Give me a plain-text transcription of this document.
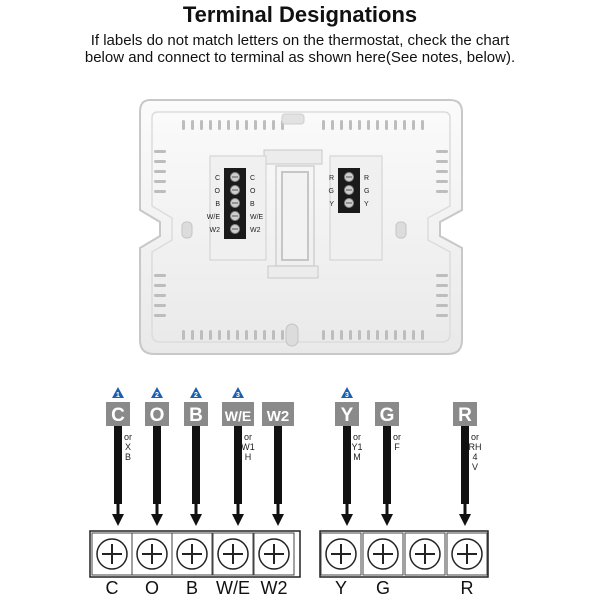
Terminal Designations
If labels do not match letters on the thermostat, check the chart
below and connect to terminal as shown here(See notes, below).
C	C
O	O
B	B
W/E	W/E
W2	W2
R	R
G	G
Y	Y
1
C
or
X
B
2
O
2
B
3
W/E
or
W1
H
W2
3
Y
or
Y1
M
G
or
F
R
or
RH
4
V
C O B W/E W2	Y G	R
